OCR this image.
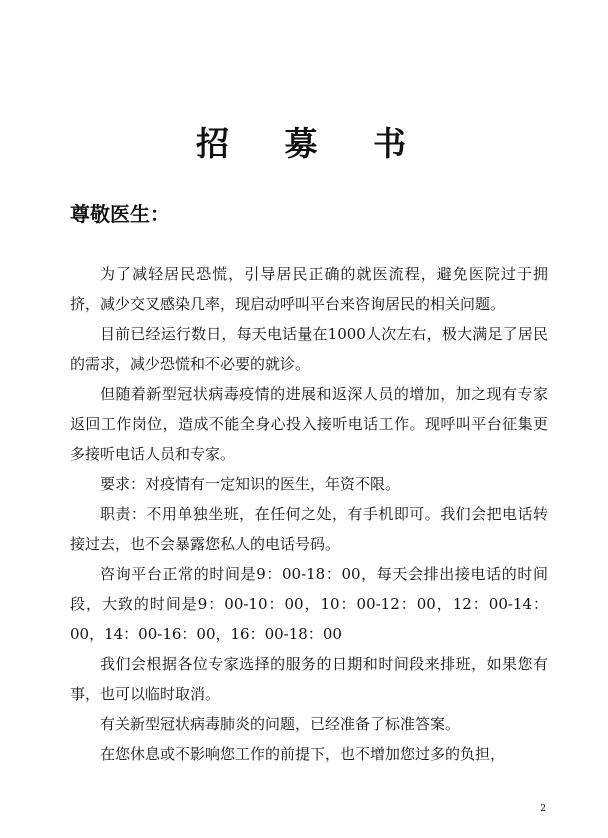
招 募 书
尊敬医生：

为了减轻居民恐慌，引导居民正确的就医流程，避免医院过于拥挤，减少交叉感染几率，现启动呼叫平台来咨询居民的相关问题。

目前已经运行数日，每天电话量在1000人次左右，极大满足了居民的需求，减少恐慌和不必要的就诊。

但随着新型冠状病毒疫情的进展和返深人员的增加，加之现有专家返回工作岗位，造成不能全身心投入接听电话工作。现呼叫平台征集更多接听电话人员和专家。

要求：对疫情有一定知识的医生，年资不限。

职责：不用单独坐班，在任何之处，有手机即可。我们会把电话转接过去，也不会暴露您私人的电话号码。

咨询平台正常的时间是9：00-18：00，每天会排出接电话的时间段，大致的时间是9：00-10：00，10：00-12：00，12：00-14：00，14：00-16：00，16：00-18：00

我们会根据各位专家选择的服务的日期和时间段来排班，如果您有事，也可以临时取消。

有关新型冠状病毒肺炎的问题，已经准备了标准答案。

在您休息或不影响您工作的前提下，也不增加您过多的负担，

2
